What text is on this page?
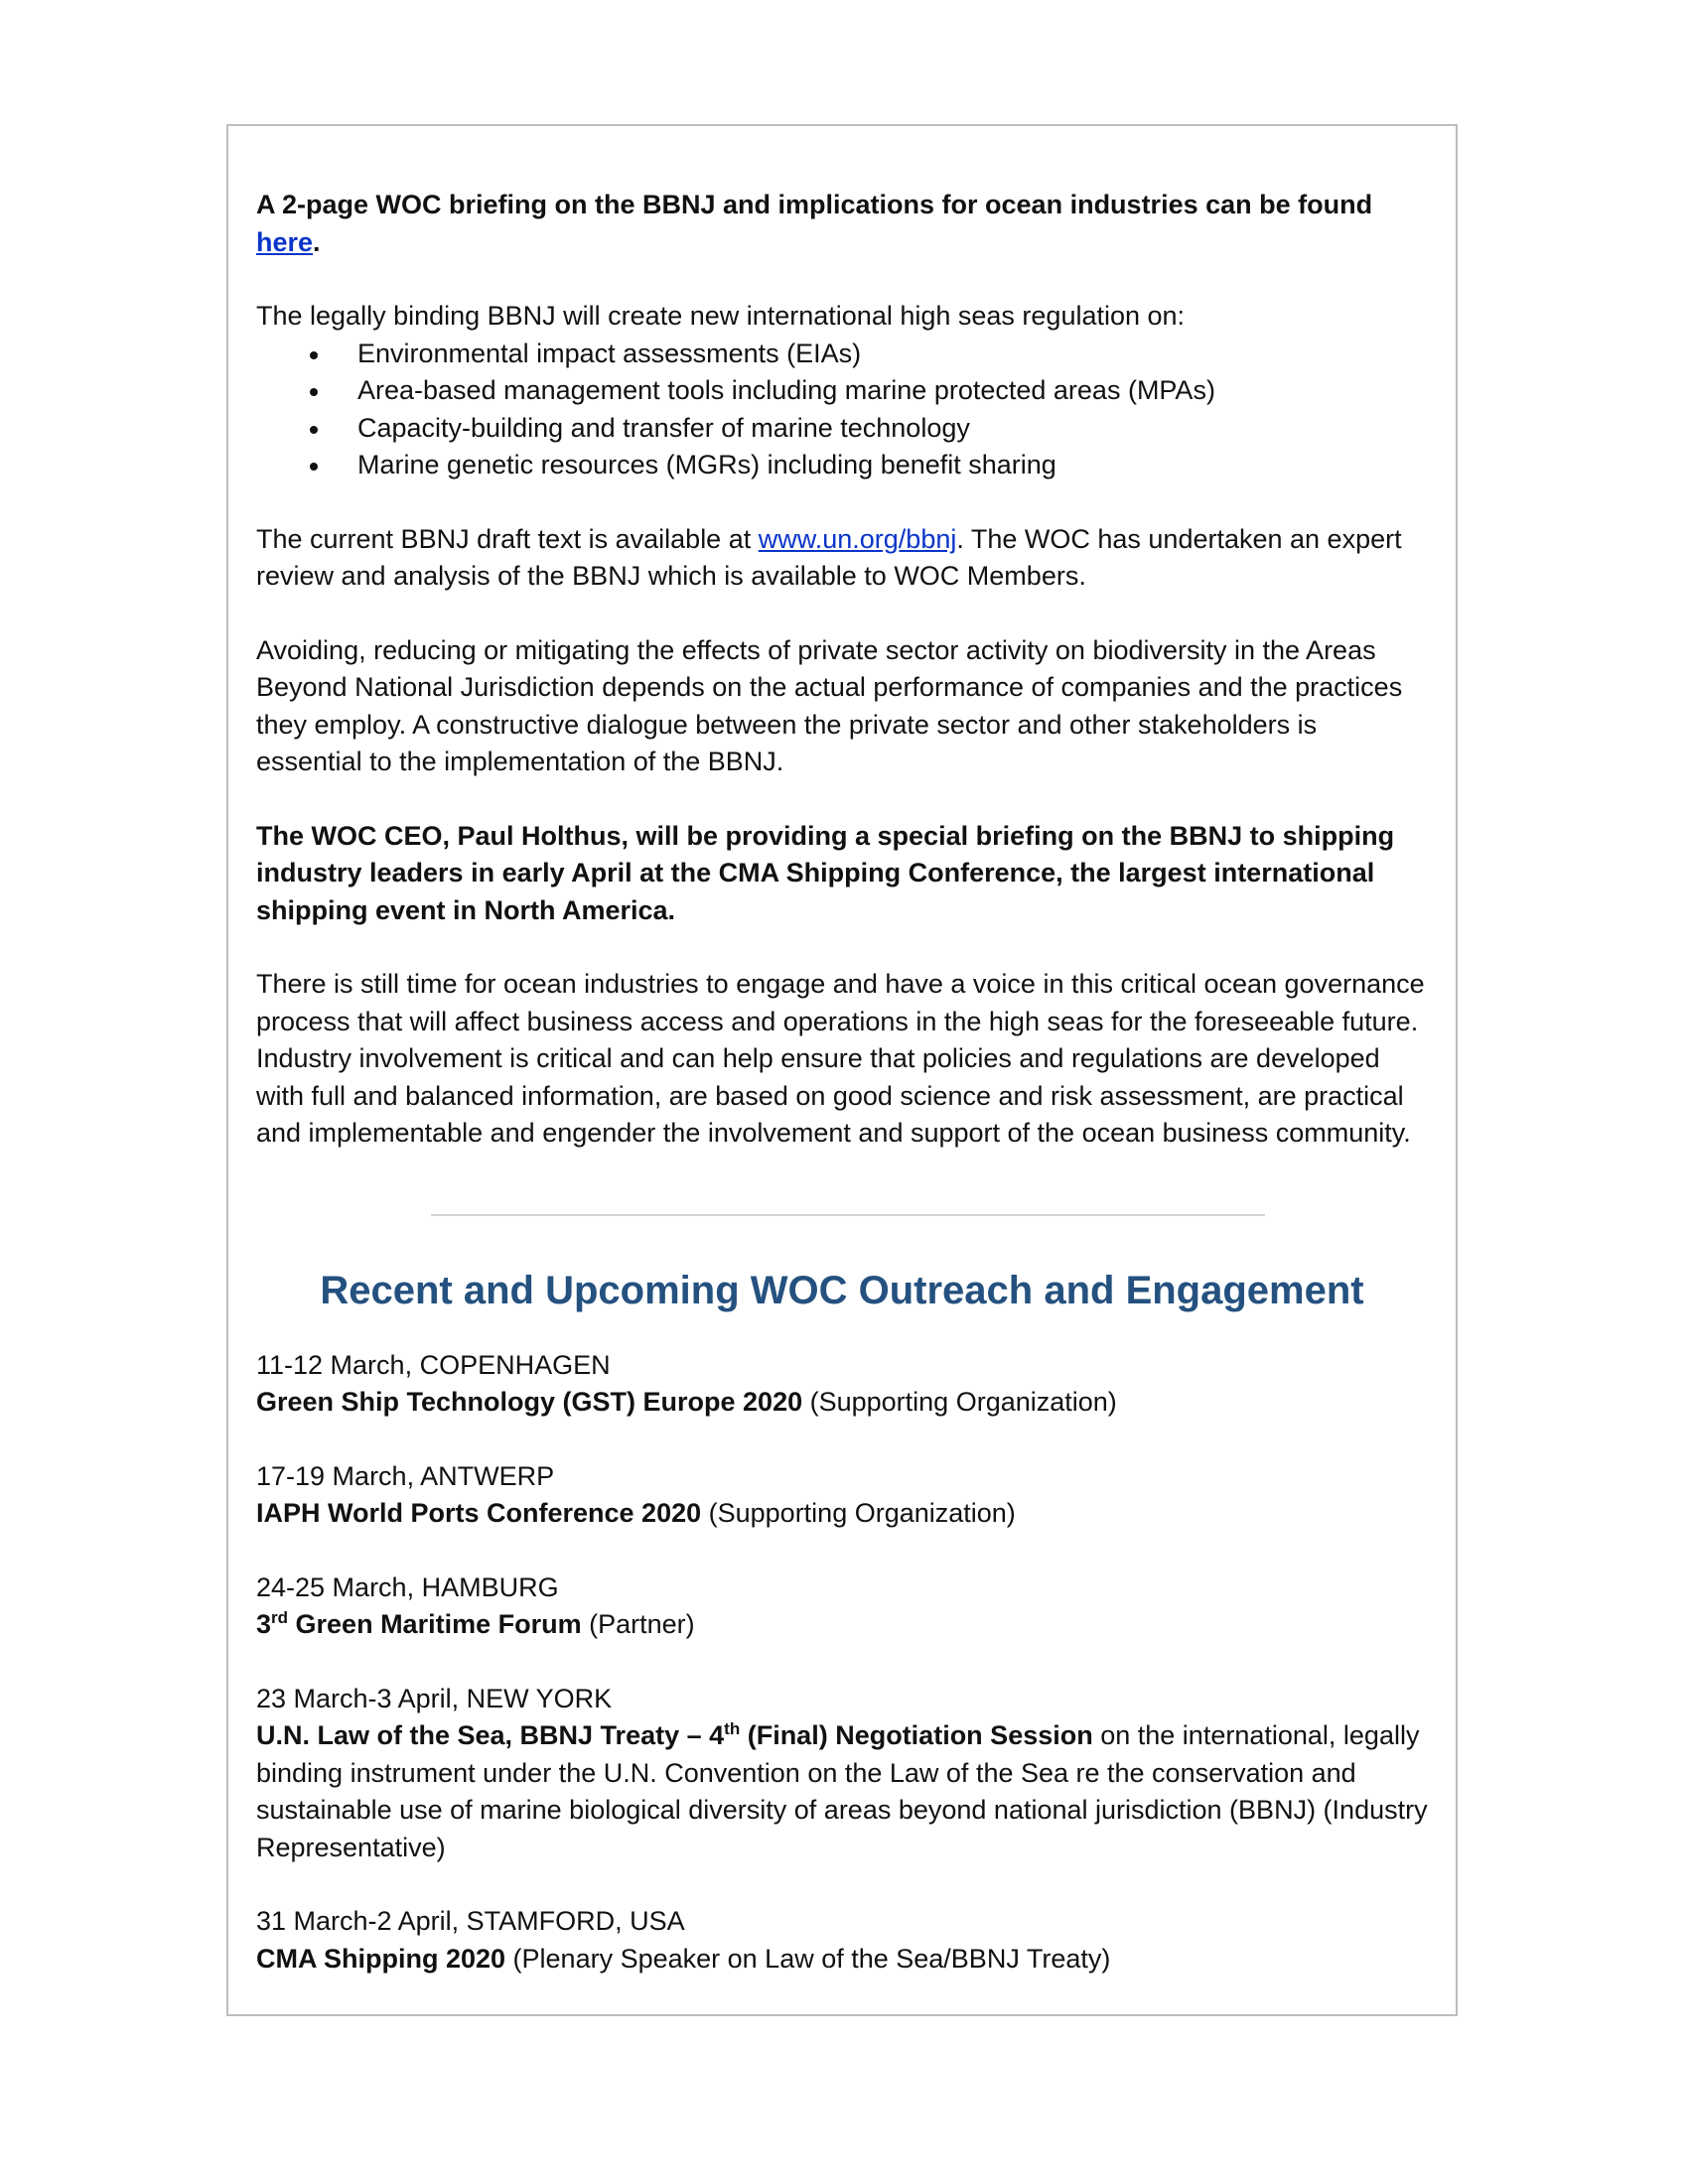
A 2-page WOC briefing on the BBNJ and implications for ocean industries can be found here.

The legally binding BBNJ will create new international high seas regulation on:

Environmental impact assessments (EIAs)
Area-based management tools including marine protected areas (MPAs)
Capacity-building and transfer of marine technology
Marine genetic resources (MGRs) including benefit sharing

The current BBNJ draft text is available at www.un.org/bbnj. The WOC has undertaken an expert review and analysis of the BBNJ which is available to WOC Members.

Avoiding, reducing or mitigating the effects of private sector activity on biodiversity in the Areas Beyond National Jurisdiction depends on the actual performance of companies and the practices they employ. A constructive dialogue between the private sector and other stakeholders is essential to the implementation of the BBNJ.

The WOC CEO, Paul Holthus, will be providing a special briefing on the BBNJ to shipping industry leaders in early April at the CMA Shipping Conference, the largest international shipping event in North America.

There is still time for ocean industries to engage and have a voice in this critical ocean governance process that will affect business access and operations in the high seas for the foreseeable future. Industry involvement is critical and can help ensure that policies and regulations are developed with full and balanced information, are based on good science and risk assessment, are practical and implementable and engender the involvement and support of the ocean business community.

Recent and Upcoming WOC Outreach and Engagement

11-12 March, COPENHAGEN

Green Ship Technology (GST) Europe 2020 (Supporting Organization)

17-19 March, ANTWERP

IAPH World Ports Conference 2020 (Supporting Organization)

24-25 March, HAMBURG

3rd Green Maritime Forum (Partner)

23 March-3 April, NEW YORK

U.N. Law of the Sea, BBNJ Treaty – 4th (Final) Negotiation Session on the international, legally binding instrument under the U.N. Convention on the Law of the Sea re the conservation and sustainable use of marine biological diversity of areas beyond national jurisdiction (BBNJ) (Industry Representative)

31 March-2 April, STAMFORD, USA

CMA Shipping 2020 (Plenary Speaker on Law of the Sea/BBNJ Treaty)
